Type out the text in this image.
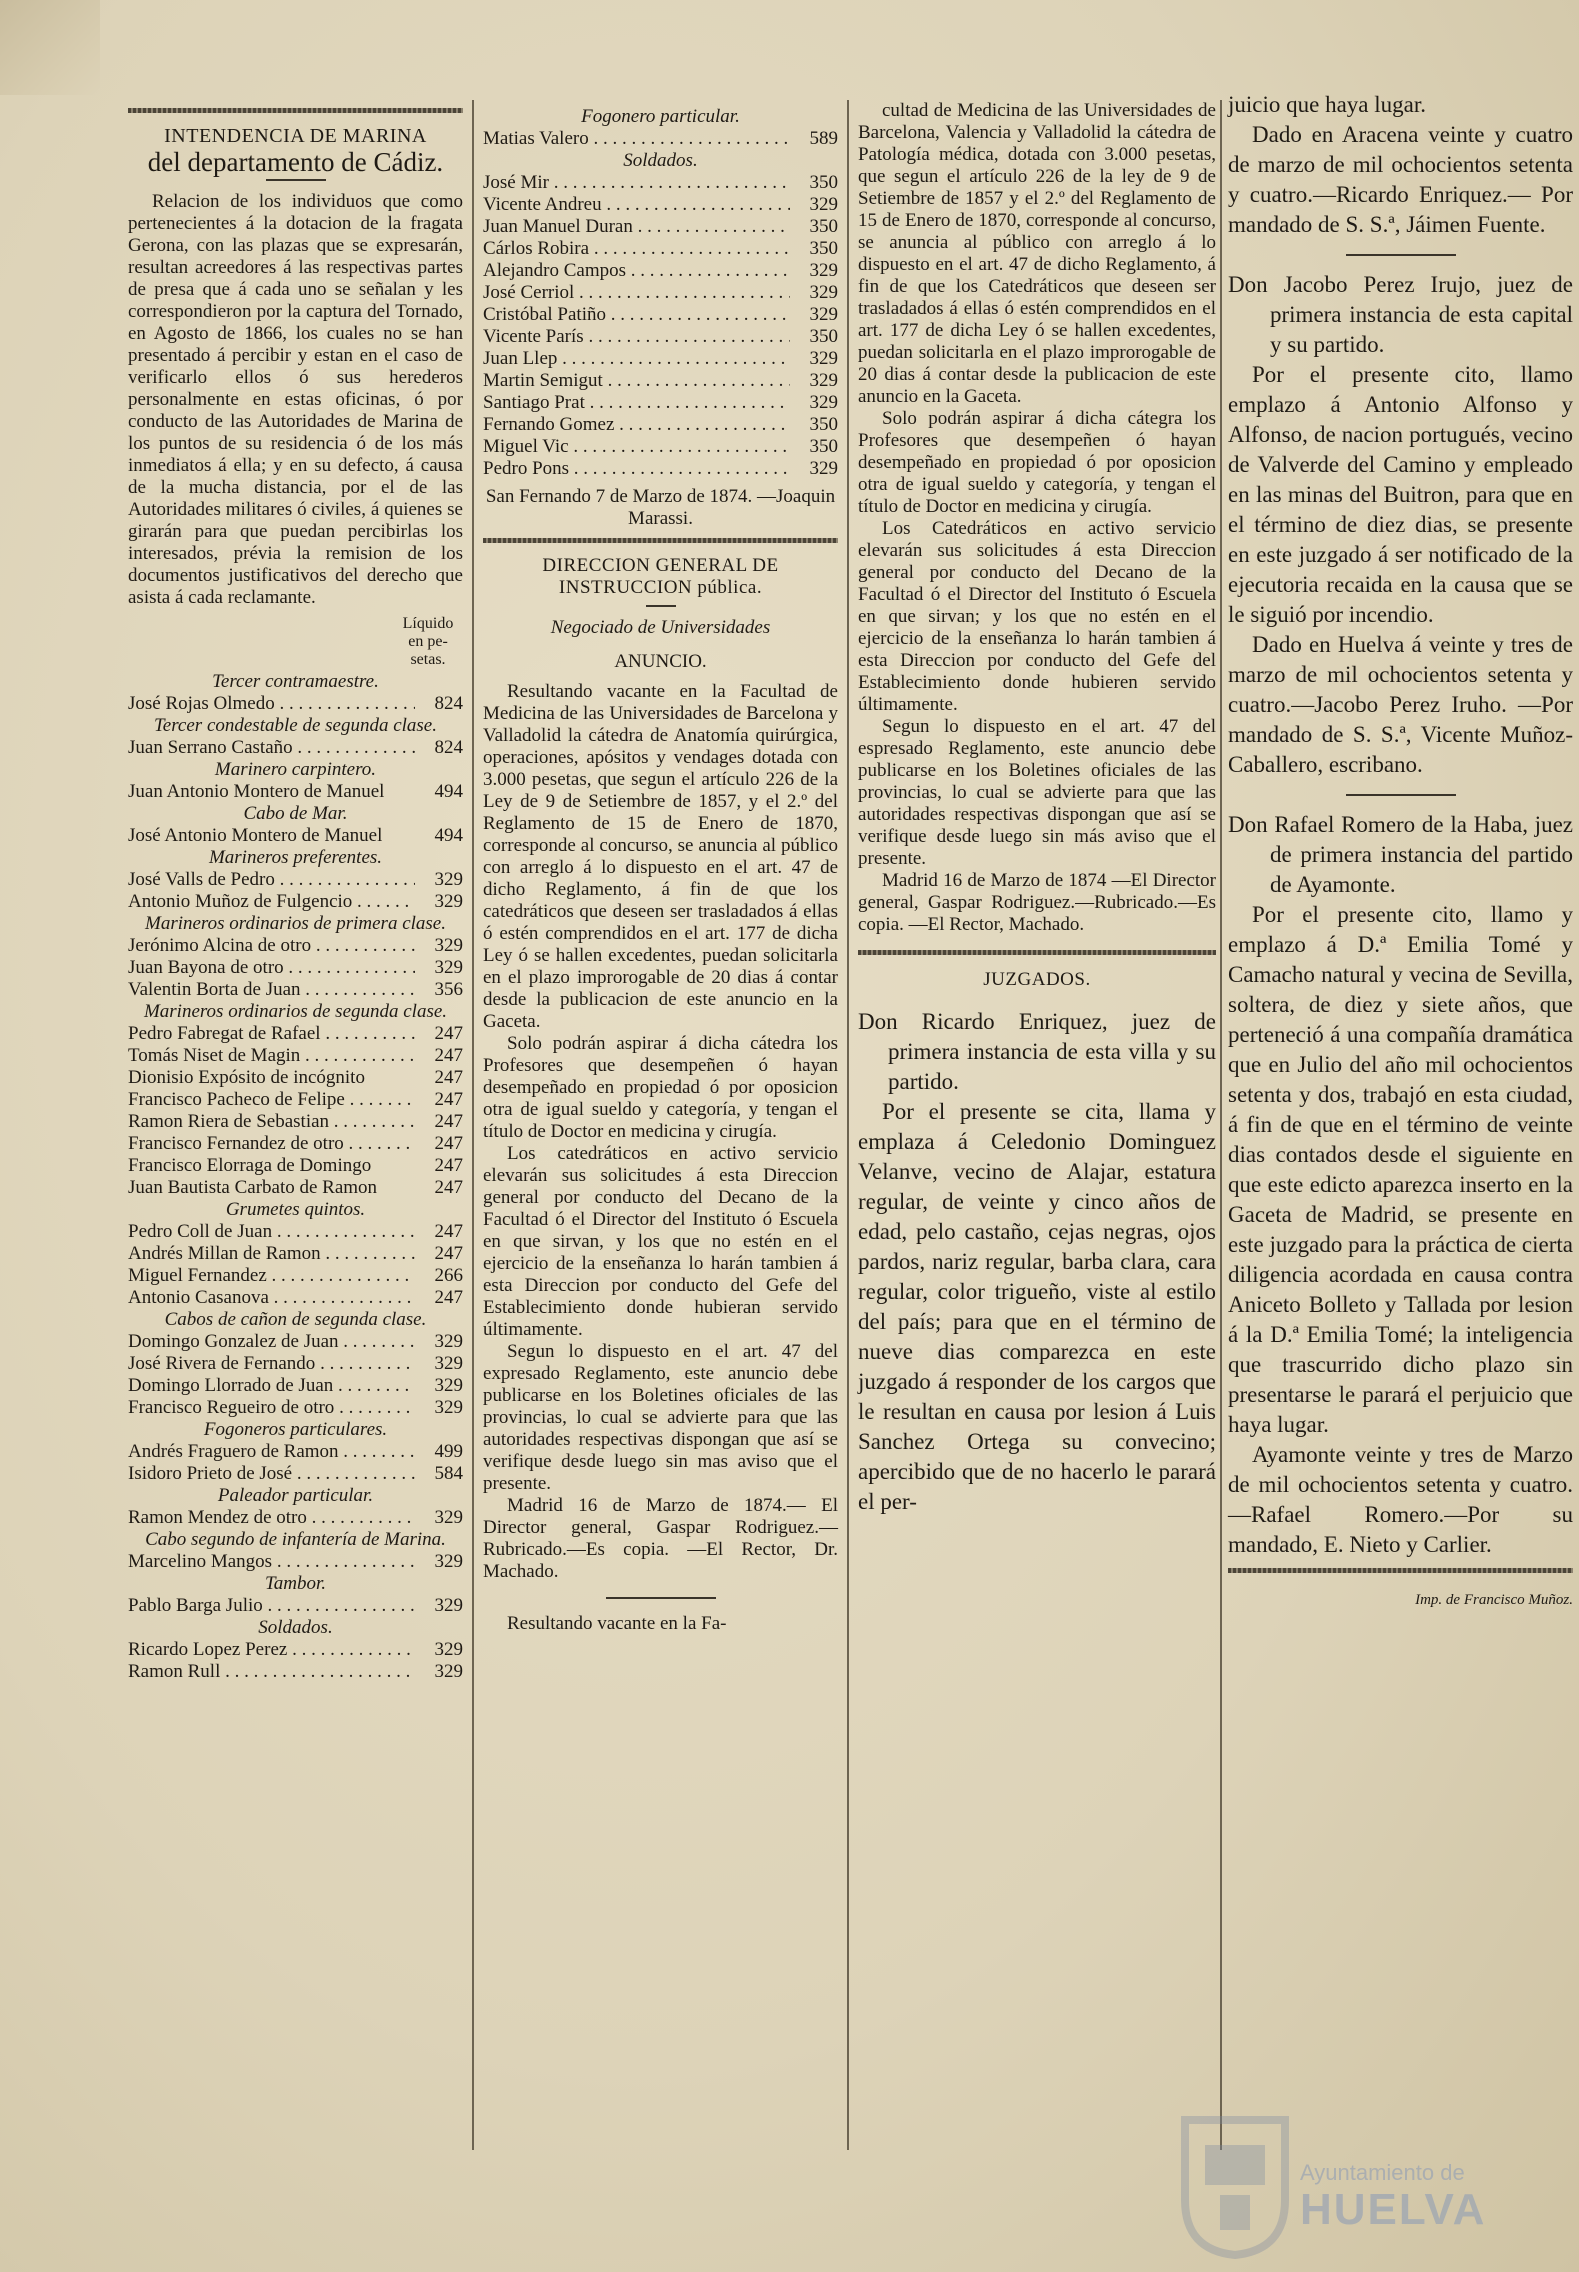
INTENDENCIA DE MARINA
del departamento de Cádiz.

Relacion de los individuos que como pertenecientes á la dotacion de la fragata Gerona, con las plazas que se expresarán, resultan acreedores á las respectivas partes de presa que á cada uno se señalan y les correspondieron por la captura del Tornado, en Agosto de 1866, los cuales no se han presentado á percibir y estan en el caso de verificarlo ellos ó sus herederos personalmente en estas oficinas, ó por conducto de las Autoridades de Marina de los puntos de su residencia ó de los más inmediatos á ella; y en su defecto, á causa de la mucha distancia, por el de las Autoridades militares ó civiles, á quienes se girarán para que puedan percibirlas los interesados, prévia la remision de los documentos justificativos del derecho que asista á cada reclamante.

Líquido
en pe-
setas.
Tercer contramaestre.
José Rojas Olmedo . . .	824
Tercer condestable de segunda clase.
Juan Serrano Castaño . . .	824
Marinero carpintero.
Juan Antonio Montero de Manuel	494
Cabo de Mar.
José Antonio Montero de Manuel	494
Marineros preferentes.
José Valls de Pedro . . .	329
Antonio Muñoz de Fulgencio . . .	329
Marineros ordinarios de primera clase.
Jerónimo Alcina de otro . . .	329
Juan Bayona de otro . . .	329
Valentin Borta de Juan . . .	356
Marineros ordinarios de segunda clase.
Pedro Fabregat de Rafael . . .	247
Tomás Niset de Magin . . .	247
Dionisio Expósito de incógnito	247
Francisco Pacheco de Felipe . . .	247
Ramon Riera de Sebastian . . .	247
Francisco Fernandez de otro . . .	247
Francisco Elorraga de Domingo	247
Juan Bautista Carbato de Ramon	247
Grumetes quintos.
Pedro Coll de Juan . . .	247
Andrés Millan de Ramon . . .	247
Miguel Fernandez . . .	266
Antonio Casanova . . .	247
Cabos de cañon de segunda clase.
Domingo Gonzalez de Juan . . .	329
José Rivera de Fernando . . .	329
Domingo Llorrado de Juan . . .	329
Francisco Regueiro de otro . . .	329
Fogoneros particulares.
Andrés Fraguero de Ramon . . .	499
Isidoro Prieto de José . . .	584
Paleador particular.
Ramon Mendez de otro . . .	329
Cabo segundo de infantería de Marina.
Marcelino Mangos . . .	329
Tambor.
Pablo Barga Julio . . .	329
Soldados.
Ricardo Lopez Perez . . .	329
Ramon Rull . . .	329
Fogonero particular.
Matias Valero . . .	589
Soldados.
José Mir . . .	350
Vicente Andreu . . .	329
Juan Manuel Duran . . .	350
Cárlos Robira . . .	350
Alejandro Campos . . .	329
José Cerriol . . .	329
Cristóbal Patiño . . .	329
Vicente París . . .	350
Juan Llep . . .	329
Martin Semigut . . .	329
Santiago Prat . . .	329
Fernando Gomez . . .	350
Miguel Vic . . .	350
Pedro Pons . . .	329

San Fernando 7 de Marzo de 1874. —Joaquin Marassi.

DIRECCION GENERAL DE INSTRUCCION pública.
Negociado de Universidades
ANUNCIO.

Resultando vacante en la Facultad de Medicina de las Universidades de Barcelona y Valladolid la cátedra de Anatomía quirúrgica, operaciones, apósitos y vendages dotada con 3.000 pesetas, que segun el artículo 226 de la Ley de 9 de Setiembre de 1857, y el 2.º del Reglamento de 15 de Enero de 1870, corresponde al concurso, se anuncia al público con arreglo á lo dispuesto en el art. 47 de dicho Reglamento, á fin de que los catedráticos que deseen ser trasladados á ellas ó estén comprendidos en el art. 177 de dicha Ley ó se hallen excedentes, puedan solicitarla en el plazo improrogable de 20 dias á contar desde la publicacion de este anuncio en la Gaceta.

Solo podrán aspirar á dicha cátedra los Profesores que desempeñen ó hayan desempeñado en propiedad ó por oposicion otra de igual sueldo y categoría, y tengan el título de Doctor en medicina y cirugía.

Los catedráticos en activo servicio elevarán sus solicitudes á esta Direccion general por conducto del Decano de la Facultad ó el Director del Instituto ó Escuela en que sirvan, y los que no estén en el ejercicio de la enseñanza lo harán tambien á esta Direccion por conducto del Gefe del Establecimiento donde hubieran servido últimamente.

Segun lo dispuesto en el art. 47 del expresado Reglamento, este anuncio debe publicarse en los Boletines oficiales de las provincias, lo cual se advierte para que las autoridades respectivas dispongan que así se verifique desde luego sin mas aviso que el presente.

Madrid 16 de Marzo de 1874.— El Director general, Gaspar Rodriguez.—Rubricado.—Es copia. —El Rector, Dr. Machado.

Resultando vacante en la Fa-

cultad de Medicina de las Universidades de Barcelona, Valencia y Valladolid la cátedra de Patología médica, dotada con 3.000 pesetas, que segun el artículo 226 de la ley de 9 de Setiembre de 1857 y el 2.º del Reglamento de 15 de Enero de 1870, corresponde al concurso, se anuncia al público con arreglo á lo dispuesto en el art. 47 de dicho Reglamento, á fin de que los Catedráticos que deseen ser trasladados á ellas ó estén comprendidos en el art. 177 de dicha Ley ó se hallen excedentes, puedan solicitarla en el plazo improrogable de 20 dias á contar desde la publicacion de este anuncio en la Gaceta.

Solo podrán aspirar á dicha cátegra los Profesores que desempeñen ó hayan desempeñado en propiedad ó por oposicion otra de igual sueldo y categoría, y tengan el título de Doctor en medicina y cirugía.

Los Catedráticos en activo servicio elevarán sus solicitudes á esta Direccion general por conducto del Decano de la Facultad ó el Director del Instituto ó Escuela en que sirvan; y los que no estén en el ejercicio de la enseñanza lo harán tambien á esta Direccion por conducto del Gefe del Establecimiento donde hubieren servido últimamente.

Segun lo dispuesto en el art. 47 del espresado Reglamento, este anuncio debe publicarse en los Boletines oficiales de las provincias, lo cual se advierte para que las autoridades respectivas dispongan que así se verifique desde luego sin más aviso que el presente.

Madrid 16 de Marzo de 1874 —El Director general, Gaspar Rodriguez.—Rubricado.—Es copia. —El Rector, Machado.

JUZGADOS.

Don Ricardo Enriquez, juez de primera instancia de esta villa y su partido.

Por el presente se cita, llama y emplaza á Celedonio Dominguez Velanve, vecino de Alajar, estatura regular, de veinte y cinco años de edad, pelo castaño, cejas negras, ojos pardos, nariz regular, barba clara, cara regular, color trigueño, viste al estilo del país; para que en el término de nueve dias comparezca en este juzgado á responder de los cargos que le resultan en causa por lesion á Luis Sanchez Ortega su convecino; apercibido que de no hacerlo le parará el per-

juicio que haya lugar.

Dado en Aracena veinte y cuatro de marzo de mil ochocientos setenta y cuatro.—Ricardo Enriquez.— Por mandado de S. S.ª, Jáimen Fuente.

Don Jacobo Perez Irujo, juez de primera instancia de esta capital y su partido.

Por el presente cito, llamo emplazo á Antonio Alfonso y Alfonso, de nacion portugués, vecino de Valverde del Camino y empleado en las minas del Buitron, para que en el término de diez dias, se presente en este juzgado á ser notificado de la ejecutoria recaida en la causa que se le siguió por incendio.

Dado en Huelva á veinte y tres de marzo de mil ochocientos setenta y cuatro.—Jacobo Perez Iruho. —Por mandado de S. S.ª, Vicente Muñoz-Caballero, escribano.

Don Rafael Romero de la Haba, juez de primera instancia del partido de Ayamonte.

Por el presente cito, llamo y emplazo á D.ª Emilia Tomé y Camacho natural y vecina de Sevilla, soltera, de diez y siete años, que perteneció á una compañía dramática que en Julio del año mil ochocientos setenta y dos, trabajó en esta ciudad, á fin de que en el término de veinte dias contados desde el siguiente en que este edicto aparezca inserto en la Gaceta de Madrid, se presente en este juzgado para la práctica de cierta diligencia acordada en causa contra Aniceto Bolleto y Tallada por lesion á la D.ª Emilia Tomé; la inteligencia que trascurrido dicho plazo sin presentarse le parará el perjuicio que haya lugar.

Ayamonte veinte y tres de Marzo de mil ochocientos setenta y cuatro.—Rafael Romero.—Por su mandado, E. Nieto y Carlier.

Imp. de Francisco Muñoz.
Ayuntamiento de
HUELVA
